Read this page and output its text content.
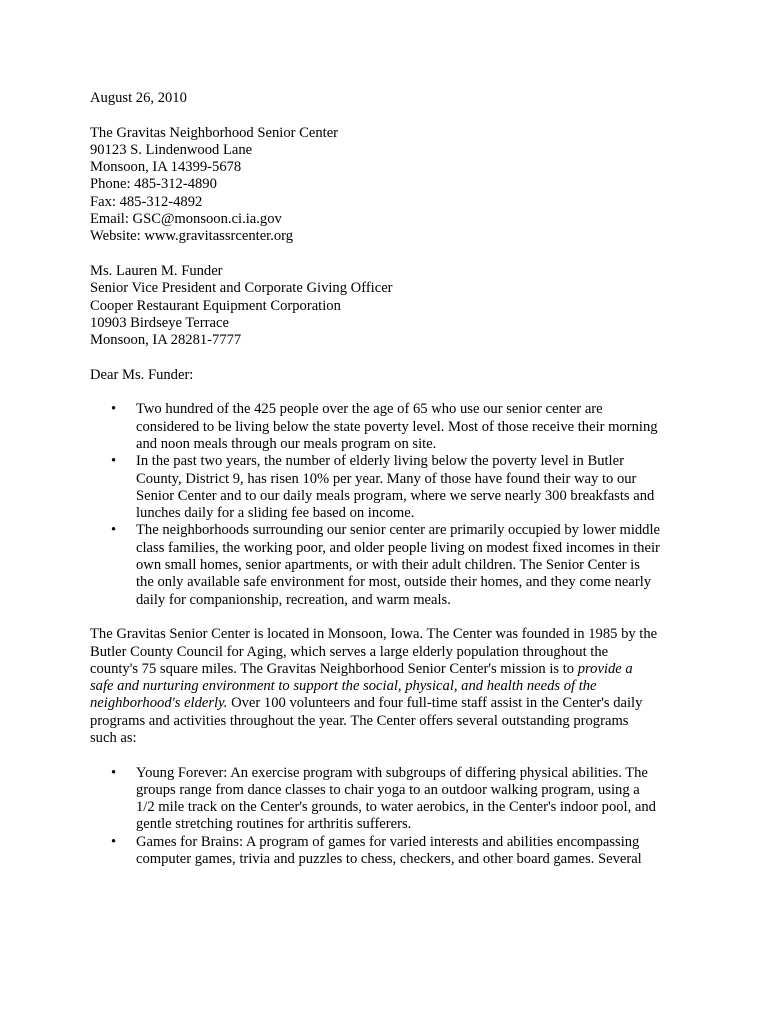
August 26, 2010
The Gravitas Neighborhood Senior Center
90123 S. Lindenwood Lane
Monsoon, IA 14399-5678
Phone: 485-312-4890
Fax: 485-312-4892
Email: GSC@monsoon.ci.ia.gov
Website: www.gravitassrcenter.org
Ms. Lauren M. Funder
Senior Vice President and Corporate Giving Officer
Cooper Restaurant Equipment Corporation
10903 Birdseye Terrace
Monsoon, IA 28281-7777
Dear Ms. Funder:
• Two hundred of the 425 people over the age of 65 who use our senior center are
considered to be living below the state poverty level. Most of those receive their morning
and noon meals through our meals program on site.
• In the past two years, the number of elderly living below the poverty level in Butler
County, District 9, has risen 10% per year. Many of those have found their way to our
Senior Center and to our daily meals program, where we serve nearly 300 breakfasts and
lunches daily for a sliding fee based on income.
• The neighborhoods surrounding our senior center are primarily occupied by lower middle
class families, the working poor, and older people living on modest fixed incomes in their
own small homes, senior apartments, or with their adult children. The Senior Center is
the only available safe environment for most, outside their homes, and they come nearly
daily for companionship, recreation, and warm meals.
The Gravitas Senior Center is located in Monsoon, Iowa. The Center was founded in 1985 by the
Butler County Council for Aging, which serves a large elderly population throughout the
county's 75 square miles. The Gravitas Neighborhood Senior Center's mission is to provide a
safe and nurturing environment to support the social, physical, and health needs of the
neighborhood's elderly. Over 100 volunteers and four full-time staff assist in the Center's daily
programs and activities throughout the year. The Center offers several outstanding programs
such as:
• Young Forever: An exercise program with subgroups of differing physical abilities. The
groups range from dance classes to chair yoga to an outdoor walking program, using a
1/2 mile track on the Center's grounds, to water aerobics, in the Center's indoor pool, and
gentle stretching routines for arthritis sufferers.
• Games for Brains: A program of games for varied interests and abilities encompassing
computer games, trivia and puzzles to chess, checkers, and other board games. Several
